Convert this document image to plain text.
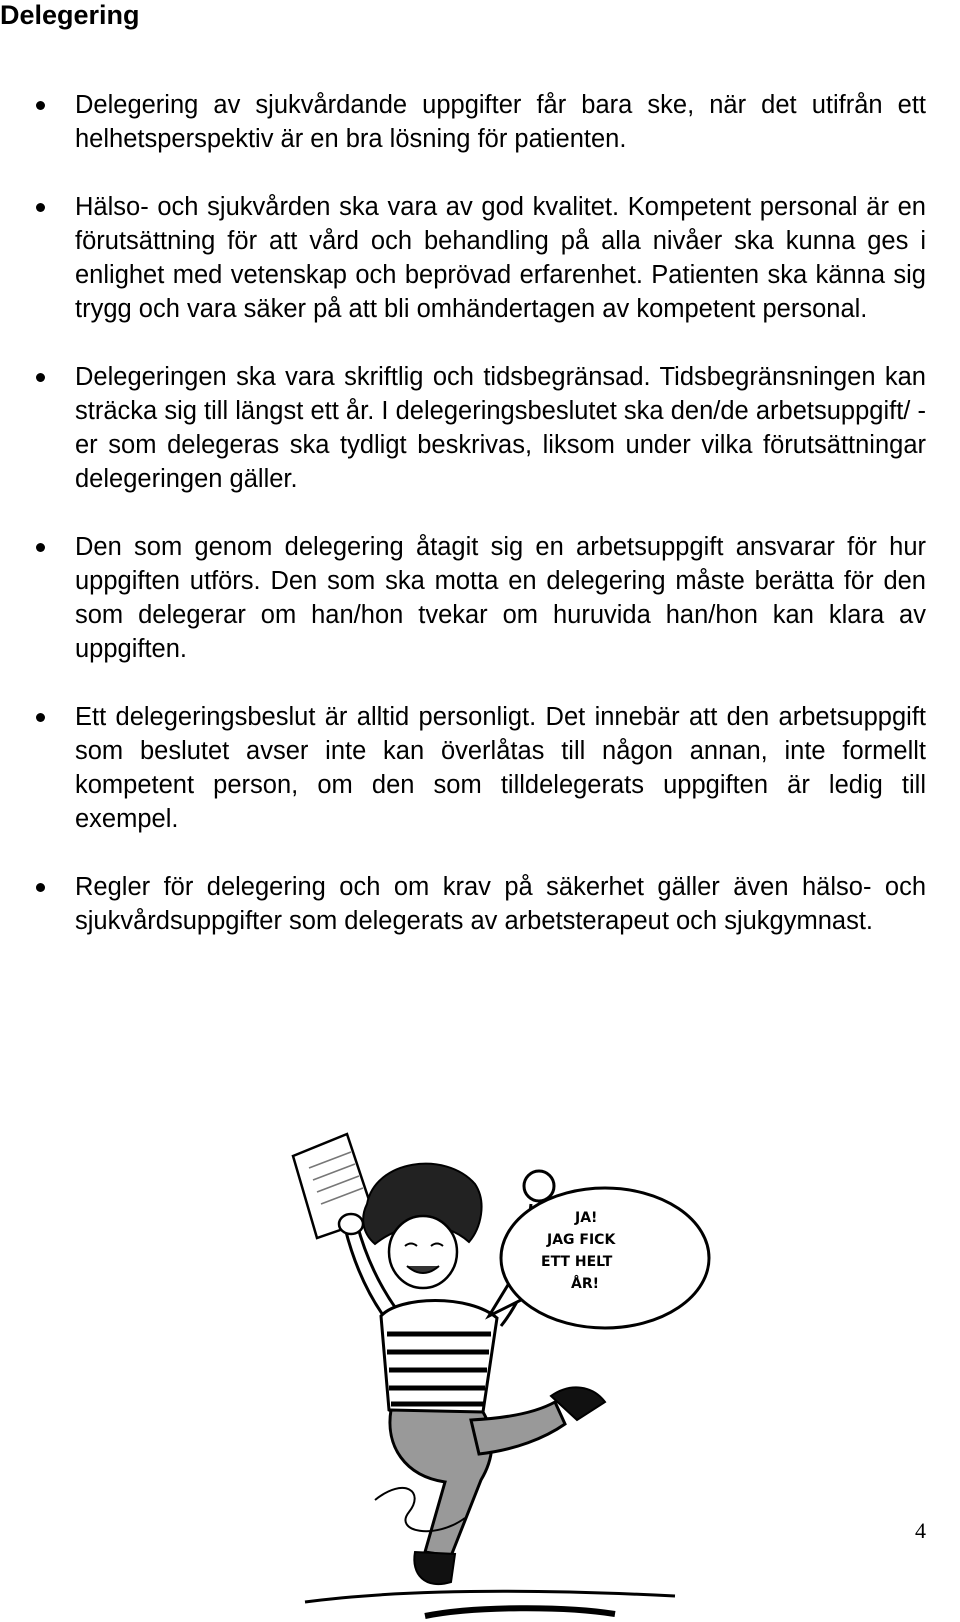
Delegering
Delegering av sjukvårdande uppgifter får bara ske, när det utifrån ett helhetsperspektiv är en bra lösning för patienten.
Hälso- och sjukvården ska vara av god kvalitet. Kompetent personal är en förutsättning för att vård och behandling på alla nivåer ska kunna ges i enlighet med vetenskap och beprövad erfarenhet. Patienten ska känna sig trygg och vara säker på att bli omhändertagen av kompetent personal.
Delegeringen ska vara skriftlig och tidsbegränsad. Tidsbegränsningen kan sträcka sig till längst ett år. I delegeringsbeslutet ska den/de arbetsuppgift/ -er som delegeras ska tydligt beskrivas, liksom under vilka förutsättningar delegeringen gäller.
Den som genom delegering åtagit sig en arbetsuppgift ansvarar för hur uppgiften utförs. Den som ska motta en delegering måste berätta för den som delegerar om han/hon tvekar om huruvida han/hon kan klara av uppgiften.
Ett delegeringsbeslut är alltid personligt. Det innebär att den arbetsuppgift som beslutet avser inte kan överlåtas till någon annan, inte formellt kompetent person, om den som tilldelegerats uppgiften är ledig till exempel.
Regler för delegering och om krav på säkerhet gäller även hälso- och sjukvårdsuppgifter som delegerats av arbetsterapeut och sjukgymnast.
JA!
JAG FICK
ETT HELT
ÅR!
4
